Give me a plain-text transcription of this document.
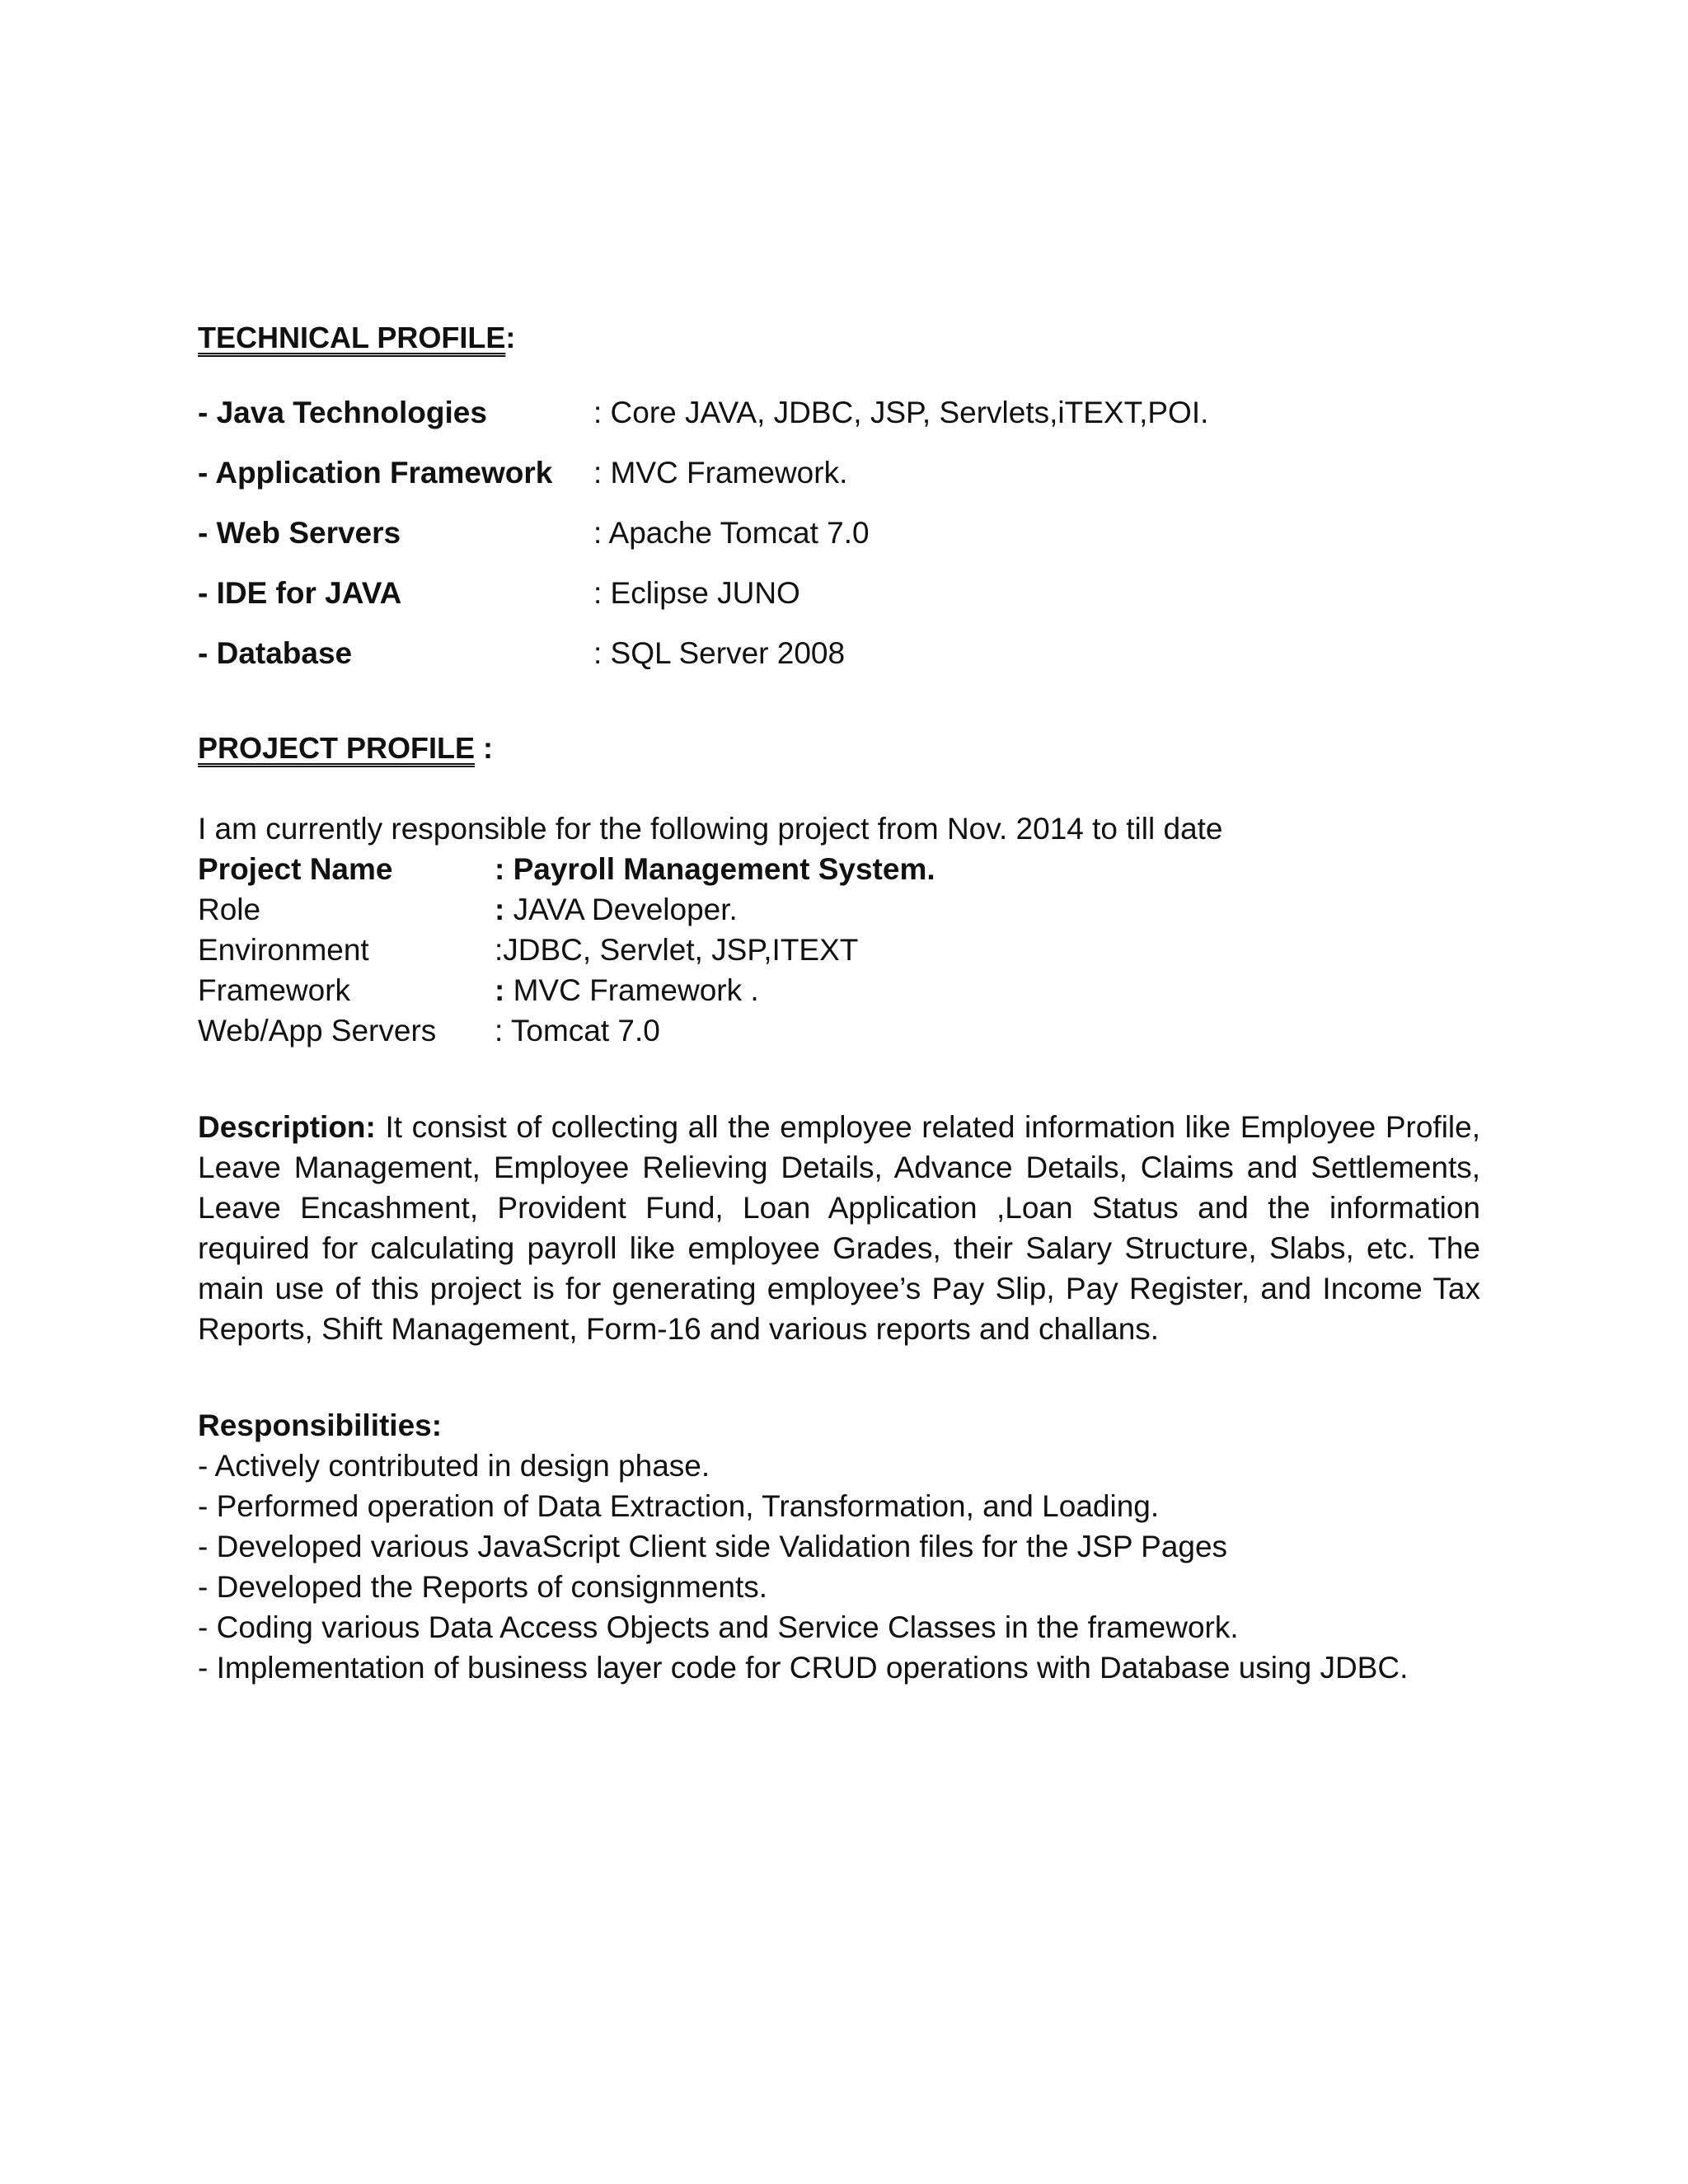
TECHNICAL PROFILE:
- Java Technologies	: Core JAVA, JDBC, JSP, Servlets,iTEXT,POI.
- Application Framework	: MVC Framework.
- Web Servers	: Apache Tomcat 7.0
- IDE for JAVA	: Eclipse JUNO
- Database	: SQL Server 2008
PROJECT PROFILE :
I am currently responsible for the following project from Nov. 2014 to till date
Project Name	: Payroll Management System.
Role	: JAVA Developer.
Environment	:JDBC, Servlet, JSP,ITEXT
Framework	: MVC Framework .
Web/App Servers	: Tomcat 7.0
Description: It consist of collecting all the employee related information like Employee Profile, Leave Management, Employee Relieving Details, Advance Details, Claims and Settlements, Leave Encashment, Provident Fund, Loan Application ,Loan Status and the information required for calculating payroll like employee Grades, their Salary Structure, Slabs, etc. The main use of this project is for generating employee’s Pay Slip, Pay Register, and Income Tax Reports, Shift Management, Form-16 and various reports and challans.
Responsibilities:
- Actively contributed in design phase.
- Performed operation of Data Extraction, Transformation, and Loading.
- Developed various JavaScript Client side Validation files for the JSP Pages
- Developed the Reports of consignments.
- Coding various Data Access Objects and Service Classes in the framework.
- Implementation of business layer code for CRUD operations with Database using JDBC.
